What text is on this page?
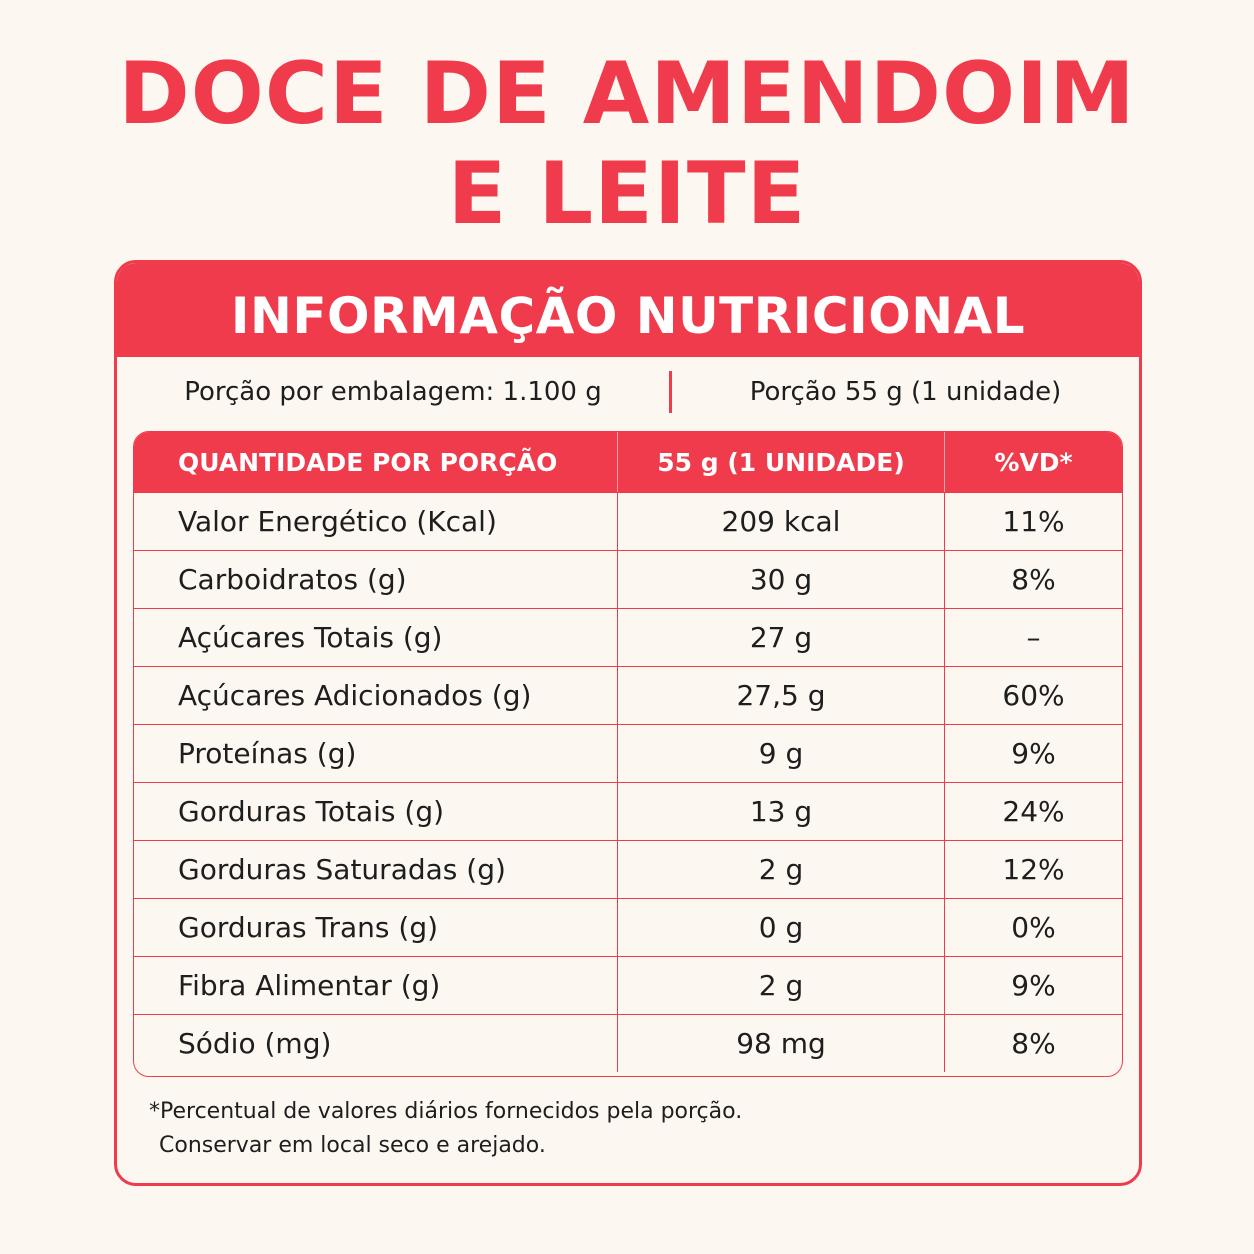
DOCE DE AMENDOIM
E LEITE
INFORMAÇÃO NUTRICIONAL
Porção por embalagem: 1.100 g	Porção 55 g (1 unidade)
QUANTIDADE POR PORÇÃO	55 g (1 UNIDADE)	%VD*
Valor Energético (Kcal)	209 kcal	11%
Carboidratos (g)	30 g	8%
Açúcares Totais (g)	27 g	–
Açúcares Adicionados (g)	27,5 g	60%
Proteínas (g)	9 g	9%
Gorduras Totais (g)	13 g	24%
Gorduras Saturadas (g)	2 g	12%
Gorduras Trans (g)	0 g	0%
Fibra Alimentar (g)	2 g	9%
Sódio (mg)	98 mg	8%
*Percentual de valores diários fornecidos pela porção.
Conservar em local seco e arejado.
